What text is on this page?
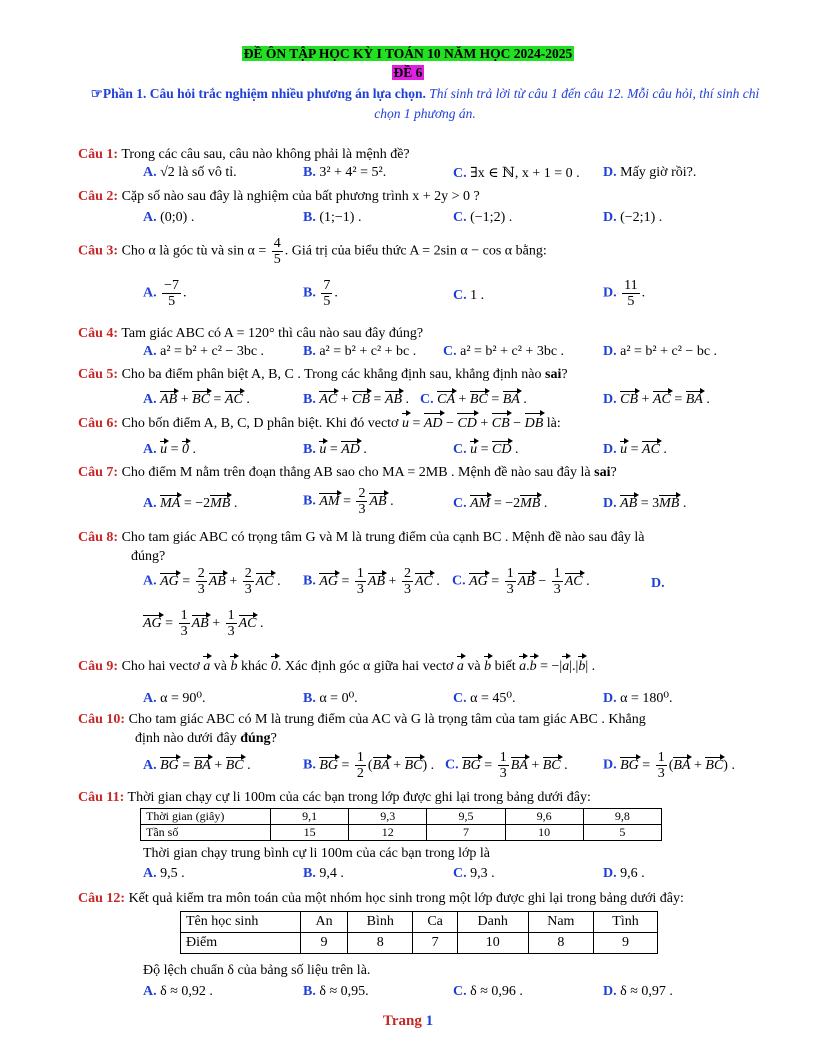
ĐỀ ÔN TẬP HỌC KỲ I TOÁN 10 NĂM HỌC 2024-2025
ĐỀ 6
☞Phần 1. Câu hỏi trắc nghiệm nhiều phương án lựa chọn. Thí sinh trả lời từ câu 1 đến câu 12. Mỗi câu hỏi, thí sinh chỉ chọn 1 phương án.
Câu 1: Trong các câu sau, câu nào không phải là mệnh đề?
A. √2 là số vô tỉ.	B. 3² + 4² = 5².	C. ∃x ∈ ℕ, x + 1 = 0 . D. Mấy giờ rồi?.
Câu 2: Cặp số nào sau đây là nghiệm của bất phương trình x + 2y > 0 ?
A. (0;0) .	B. (1;−1) .	C. (−1;2) .	D. (−2;1) .
Câu 3: Cho α là góc tù và $\sin \alpha = \frac{4}{5}$ . Giá trị của biểu thức A = 2sin α − cos α bằng:
A. $\frac{-7}{5}$ .	B. $\frac{7}{5}$ .	C. 1 .	D. $\frac{11}{5}$ .
Câu 4: Tam giác ABC có A = 120° thì câu nào sau đây đúng?
A. a² = b² + c² − 3bc .	B. a² = b² + c² + bc . C. a² = b² + c² + 3bc .	D. a² = b² + c² − bc .
Câu 5: Cho ba điểm phân biệt A, B, C . Trong các khẳng định sau, khẳng định nào sai?
A. AB + BC = AC .	B. AC + CB = AB . C. CA + BC = BA .	D. CB + AC = BA .
Câu 6: Cho bốn điểm A, B, C, D phân biệt. Khi đó vectơ u = AD − CD + CB − DB là:
A. u = 0 .	B. u = AD .	C. u = CD .	D. u = AC .
Câu 7: Cho điểm M nằm trên đoạn thẳng AB sao cho MA = 2MB . Mệnh đề nào sau đây là sai?
A. MA = −2MB .	B. AM = $\frac{2}{3}$ AB .	C. AM = −2MB .	D. AB = 3MB .
Câu 8: Cho tam giác ABC có trọng tâm G và M là trung điểm của cạnh BC . Mệnh đề nào sau đây là
đúng?
A. AG = $\frac{2}{3}$ AB + $\frac{2}{3}$ AC . B. AG = $\frac{1}{3}$ AB + $\frac{2}{3}$ AC . C. AG = $\frac{1}{3}$ AB − $\frac{1}{3}$ AC .	D.
AG = $\frac{1}{3}$ AB + $\frac{1}{3}$ AC .
Câu 9: Cho hai vectơ a và b khác 0. Xác định góc α giữa hai vectơ a và b biết a.b = −|a|.|b| .
A. α = 90⁰.	B. α = 0⁰.	C. α = 45⁰.	D. α = 180⁰.
Câu 10: Cho tam giác ABC có M là trung điểm của AC và G là trọng tâm của tam giác ABC . Khẳng
định nào dưới đây đúng?
A. BG = BA + BC .	B. BG = $\frac{1}{2} (BA + BC)$ . C. BG = $\frac{1}{3}$ BA + BC .	D. BG = $\frac{1}{3} (BA + BC)$ .
Câu 11: Thời gian chạy cự li 100m của các bạn trong lớp được ghi lại trong bảng dưới đây:
Thời gian (giây)	9,1	9,3	9,5	9,6	9,8
Tần số	15	12	7	10	5
Thời gian chạy trung bình cự li 100m của các bạn trong lớp là
A. 9,5 .	B. 9,4 .	C. 9,3 .	D. 9,6 .
Câu 12: Kết quả kiểm tra môn toán của một nhóm học sinh trong một lớp được ghi lại trong bảng dưới đây:
Tên học sinh	An	Bình	Ca	Danh	Nam	Tình
Điểm	9	8	7	10	8	9
Độ lệch chuẩn δ của bảng số liệu trên là.
A. δ ≈ 0,92 .	B. δ ≈ 0,95.	C. δ ≈ 0,96 .	D. δ ≈ 0,97 .
Trang 1
